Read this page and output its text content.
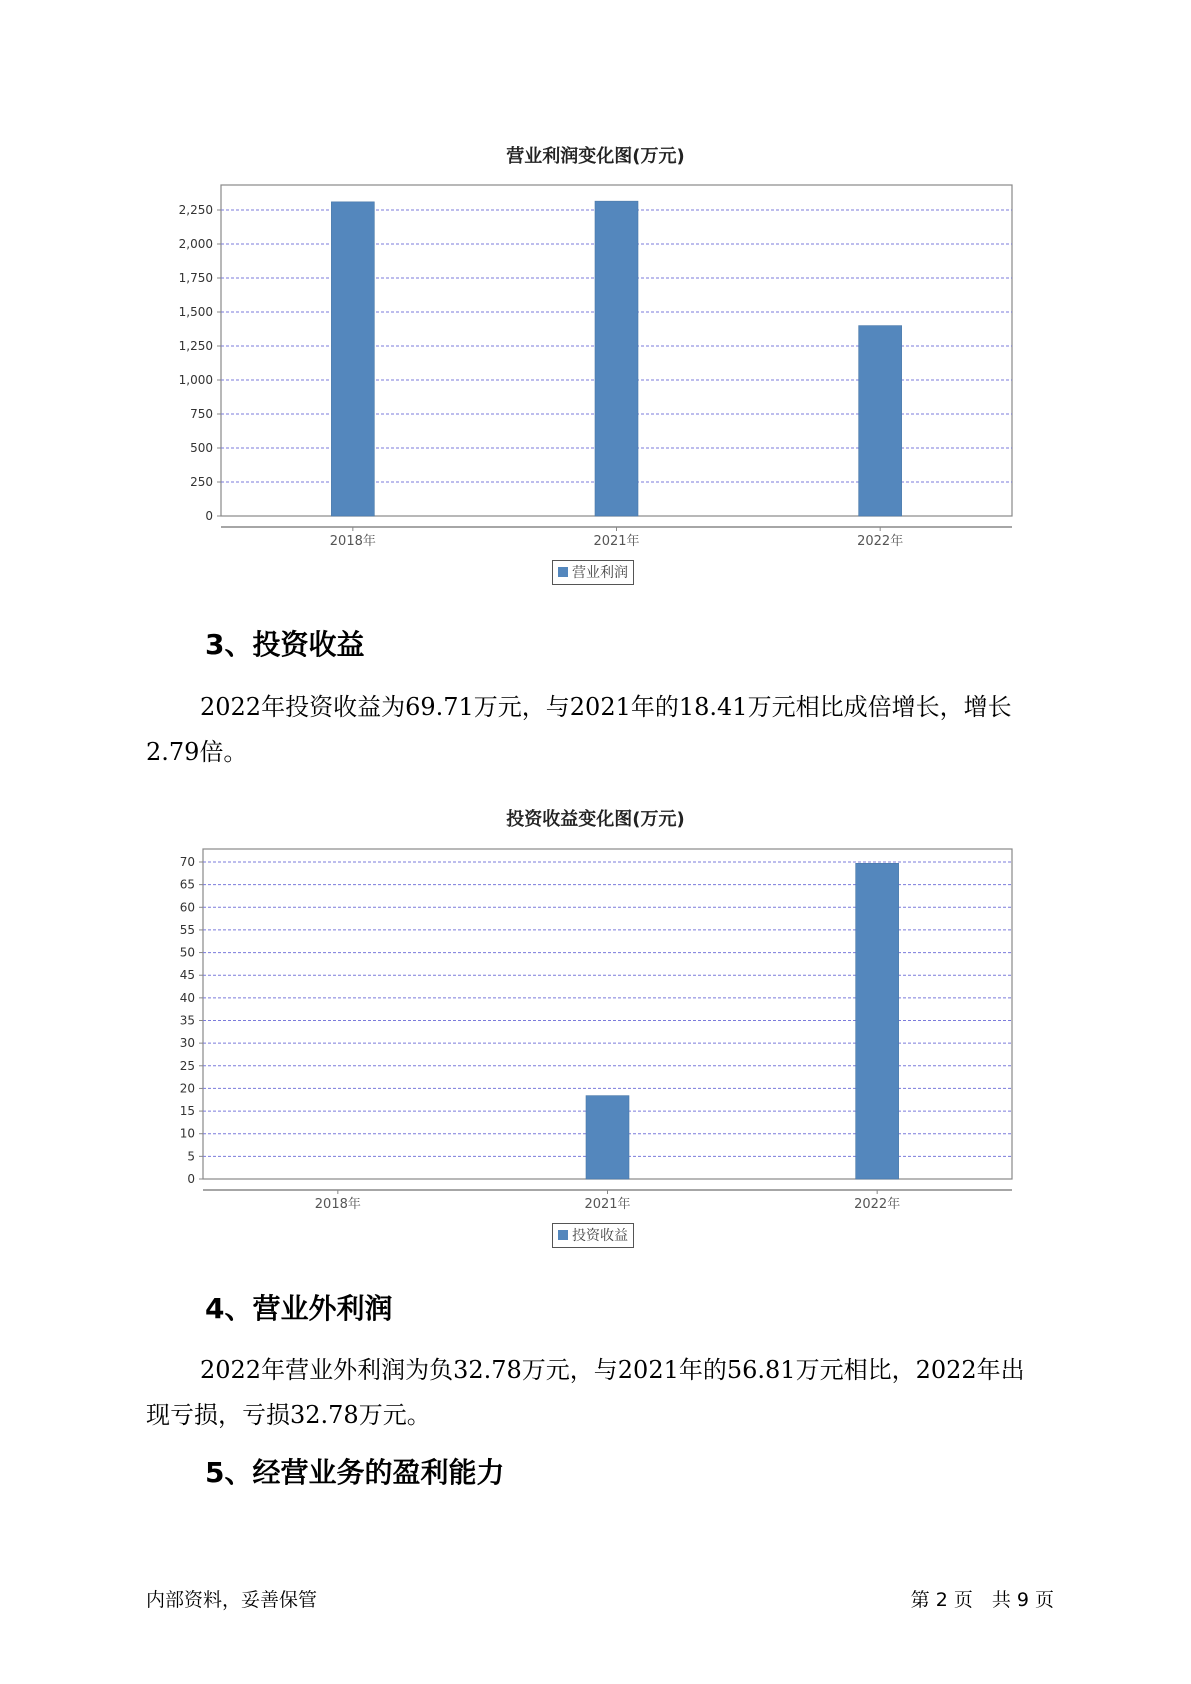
营业利润变化图(万元)
0
250
500
750
1,000
1,250
1,500
1,750
2,000
2,250
2018年	2021年	2022年
营业利润
3、投资收益

2022年投资收益为69.71万元，与2021年的18.41万元相比成倍增长，增长2.79倍。

投资收益变化图(万元)
0
5
10
15
20
25
30
35
40
45
50
55
60
65
70
2018年	2021年	2022年
投资收益
4、营业外利润

2022年营业外利润为负32.78万元，与2021年的56.81万元相比，2022年出现亏损，亏损32.78万元。

5、经营业务的盈利能力
内部资料，妥善保管	第 2 页　共 9 页
